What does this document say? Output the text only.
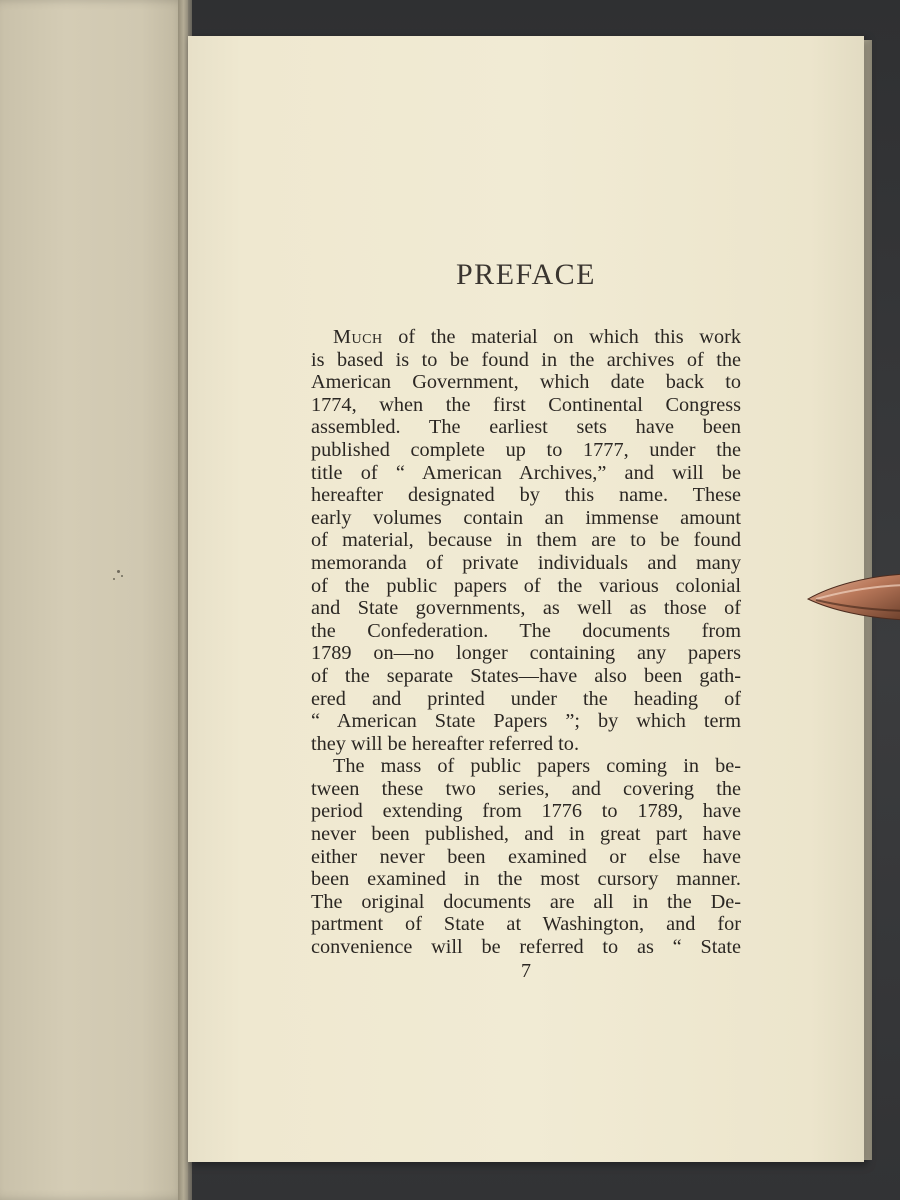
PREFACE
Much of the material on which this work
is based is to be found in the archives of the
American Government, which date back to
1774, when the first Continental Congress
assembled. The earliest sets have been
published complete up to 1777, under the
title of “ American Archives,” and will be
hereafter designated by this name. These
early volumes contain an immense amount
of material, because in them are to be found
memoranda of private individuals and many
of the public papers of the various colonial
and State governments, as well as those of
the Confederation. The documents from
1789 on—no longer containing any papers
of the separate States—have also been gath-
ered and printed under the heading of
“ American State Papers ”; by which term
they will be hereafter referred to.
The mass of public papers coming in be-
tween these two series, and covering the
period extending from 1776 to 1789, have
never been published, and in great part have
either never been examined or else have
been examined in the most cursory manner.
The original documents are all in the De-
partment of State at Washington, and for
convenience will be referred to as “ State
7
